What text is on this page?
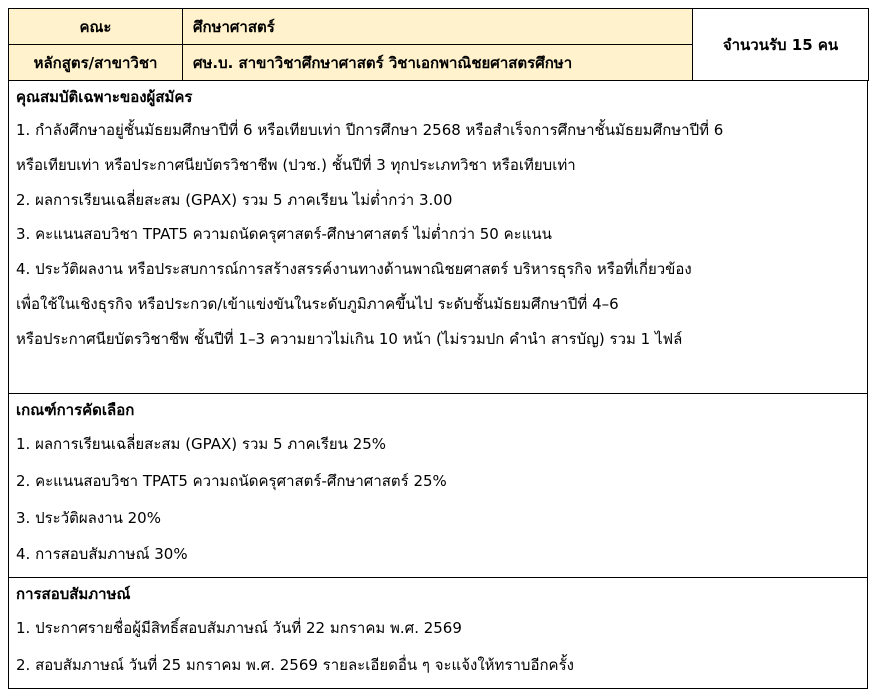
คณะ	ศึกษาศาสตร์	จำนวนรับ 15 คน
หลักสูตร/สาขาวิชา	ศษ.บ. สาขาวิชาศึกษาศาสตร์ วิชาเอกพาณิชยศาสตรศึกษา	
คุณสมบัติเฉพาะของผู้สมัคร
1. กำลังศึกษาอยู่ชั้นมัธยมศึกษาปีที่ 6 หรือเทียบเท่า ปีการศึกษา 2568 หรือสำเร็จการศึกษาชั้นมัธยมศึกษาปีที่ 6
หรือเทียบเท่า หรือประกาศนียบัตรวิชาชีพ (ปวช.) ชั้นปีที่ 3 ทุกประเภทวิชา หรือเทียบเท่า
2. ผลการเรียนเฉลี่ยสะสม (GPAX) รวม 5 ภาคเรียน ไม่ต่ำกว่า 3.00
3. คะแนนสอบวิชา TPAT5 ความถนัดครุศาสตร์-ศึกษาศาสตร์ ไม่ต่ำกว่า 50 คะแนน
4. ประวัติผลงาน หรือประสบการณ์การสร้างสรรค์งานทางด้านพาณิชยศาสตร์ บริหารธุรกิจ หรือที่เกี่ยวข้อง
เพื่อใช้ในเชิงธุรกิจ หรือประกวด/เข้าแข่งขันในระดับภูมิภาคขึ้นไป ระดับชั้นมัธยมศึกษาปีที่ 4–6
หรือประกาศนียบัตรวิชาชีพ ชั้นปีที่ 1–3 ความยาวไม่เกิน 10 หน้า (ไม่รวมปก คำนำ สารบัญ) รวม 1 ไฟล์
เกณฑ์การคัดเลือก
1. ผลการเรียนเฉลี่ยสะสม (GPAX) รวม 5 ภาคเรียน 25%
2. คะแนนสอบวิชา TPAT5 ความถนัดครุศาสตร์-ศึกษาศาสตร์ 25%
3. ประวัติผลงาน 20%
4. การสอบสัมภาษณ์ 30%
การสอบสัมภาษณ์
1. ประกาศรายชื่อผู้มีสิทธิ์สอบสัมภาษณ์ วันที่ 22 มกราคม พ.ศ. 2569
2. สอบสัมภาษณ์ วันที่ 25 มกราคม พ.ศ. 2569 รายละเอียดอื่น ๆ จะแจ้งให้ทราบอีกครั้ง
